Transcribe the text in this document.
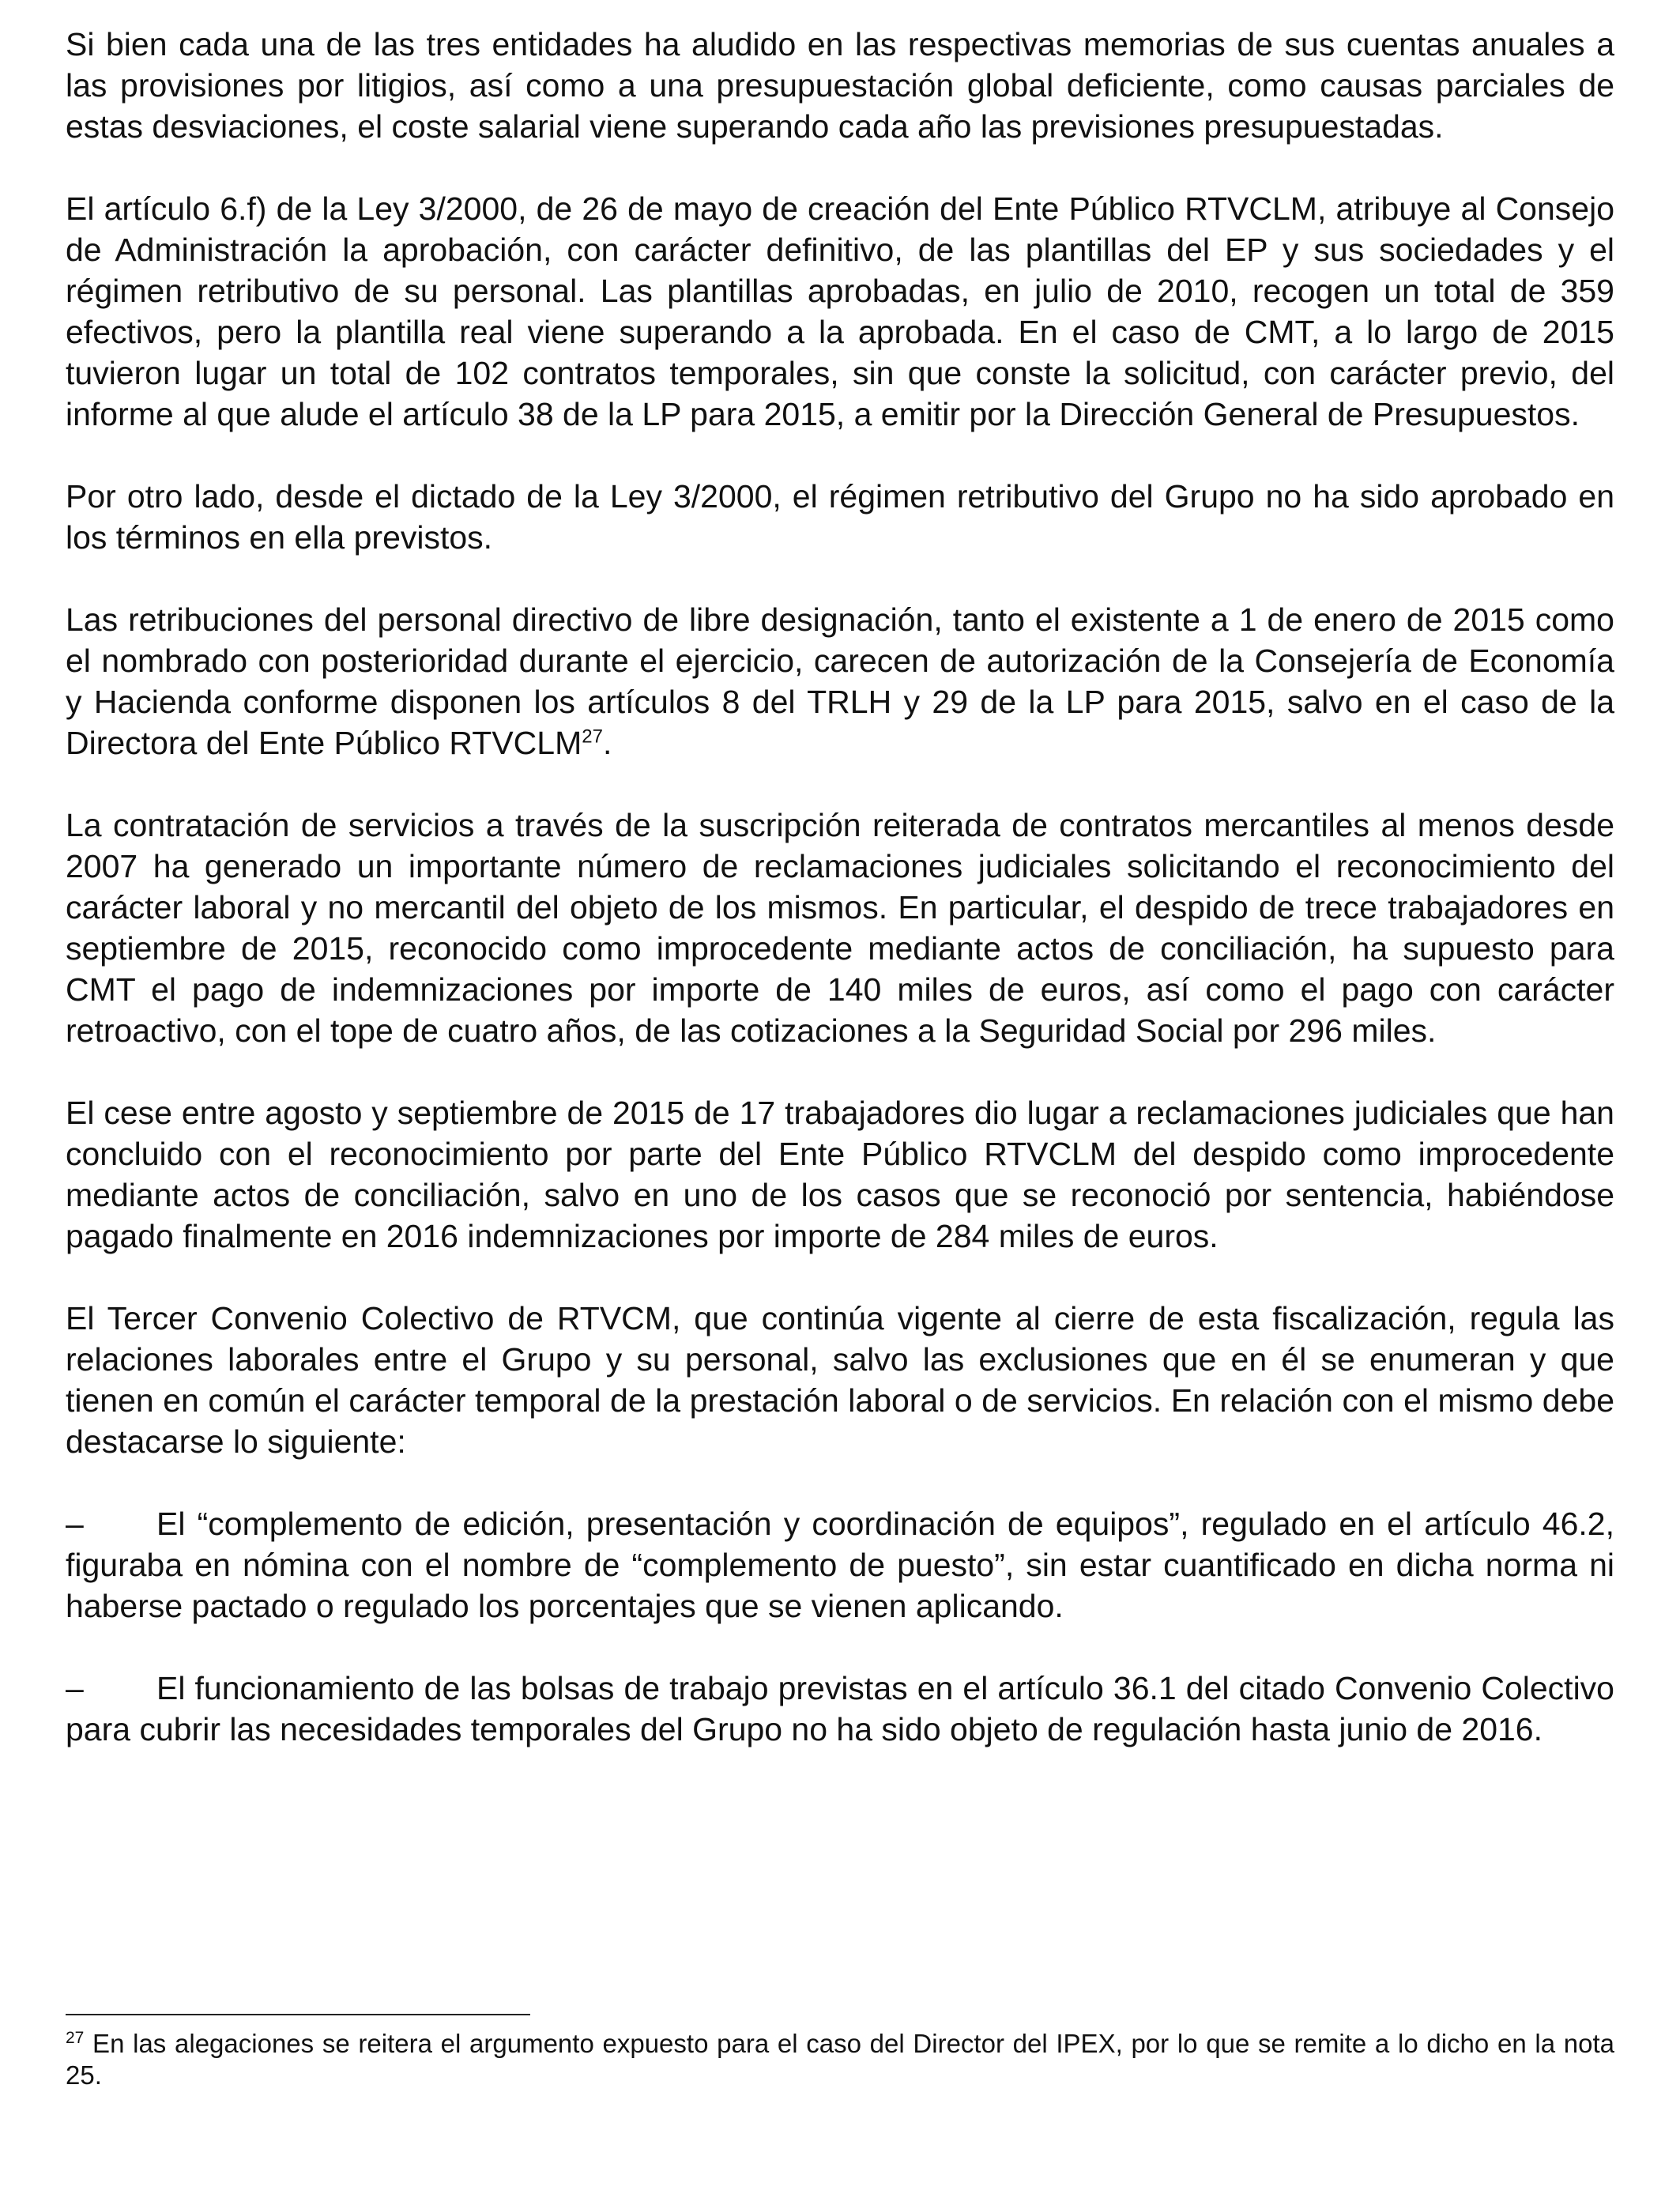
Si bien cada una de las tres entidades ha aludido en las respectivas memorias de sus cuentas anuales a las provisiones por litigios, así como a una presupuestación global deficiente, como causas parciales de estas desviaciones, el coste salarial viene superando cada año las previsiones presupuestadas.

El artículo 6.f) de la Ley 3/2000, de 26 de mayo de creación del Ente Público RTVCLM, atribuye al Consejo de Administración la aprobación, con carácter definitivo, de las plantillas del EP y sus sociedades y el régimen retributivo de su personal. Las plantillas aprobadas, en julio de 2010, recogen un total de 359 efectivos, pero la plantilla real viene superando a la aprobada. En el caso de CMT, a lo largo de 2015 tuvieron lugar un total de 102 contratos temporales, sin que conste la solicitud, con carácter previo, del informe al que alude el artículo 38 de la LP para 2015, a emitir por la Dirección General de Presupuestos.

Por otro lado, desde el dictado de la Ley 3/2000, el régimen retributivo del Grupo no ha sido aprobado en los términos en ella previstos.

Las retribuciones del personal directivo de libre designación, tanto el existente a 1 de enero de 2015 como el nombrado con posterioridad durante el ejercicio, carecen de autorización de la Consejería de Economía y Hacienda conforme disponen los artículos 8 del TRLH y 29 de la LP para 2015, salvo en el caso de la Directora del Ente Público RTVCLM$^{27}$.

La contratación de servicios a través de la suscripción reiterada de contratos mercantiles al menos desde 2007 ha generado un importante número de reclamaciones judiciales solicitando el reconocimiento del carácter laboral y no mercantil del objeto de los mismos. En particular, el despido de trece trabajadores en septiembre de 2015, reconocido como improcedente mediante actos de conciliación, ha supuesto para CMT el pago de indemnizaciones por importe de 140 miles de euros, así como el pago con carácter retroactivo, con el tope de cuatro años, de las cotizaciones a la Seguridad Social por 296 miles.

El cese entre agosto y septiembre de 2015 de 17 trabajadores dio lugar a reclamaciones judiciales que han concluido con el reconocimiento por parte del Ente Público RTVCLM del despido como improcedente mediante actos de conciliación, salvo en uno de los casos que se reconoció por sentencia, habiéndose pagado finalmente en 2016 indemnizaciones por importe de 284 miles de euros.

El Tercer Convenio Colectivo de RTVCM, que continúa vigente al cierre de esta fiscalización, regula las relaciones laborales entre el Grupo y su personal, salvo las exclusiones que en él se enumeran y que tienen en común el carácter temporal de la prestación laboral o de servicios. En relación con el mismo debe destacarse lo siguiente:

– El “complemento de edición, presentación y coordinación de equipos”, regulado en el artículo 46.2, figuraba en nómina con el nombre de “complemento de puesto”, sin estar cuantificado en dicha norma ni haberse pactado o regulado los porcentajes que se vienen aplicando.

– El funcionamiento de las bolsas de trabajo previstas en el artículo 36.1 del citado Convenio Colectivo para cubrir las necesidades temporales del Grupo no ha sido objeto de regulación hasta junio de 2016.

$^{27}$ En las alegaciones se reitera el argumento expuesto para el caso del Director del IPEX, por lo que se remite a lo dicho en la nota 25.
